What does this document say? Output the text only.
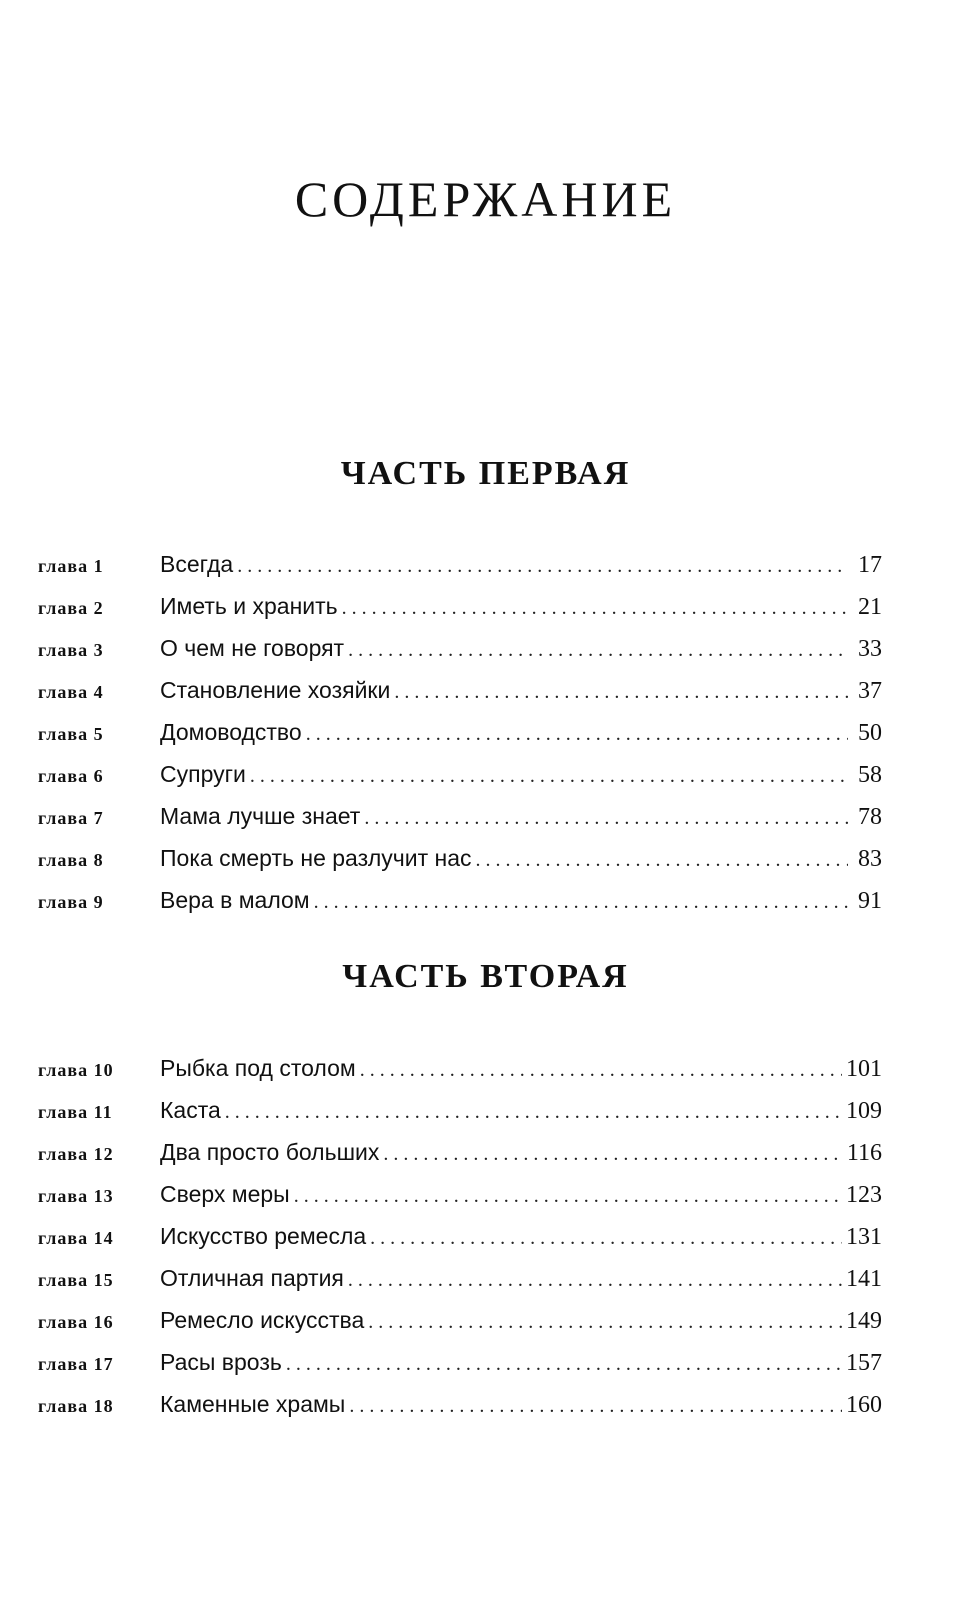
СОДЕРЖАНИЕ
ЧАСТЬ ПЕРВАЯ
глава 1	Всегда . . .	17
глава 2	Иметь и хранить . . .	21
глава 3	О чем не говорят . . .	33
глава 4	Становление хозяйки . . .	37
глава 5	Домоводство . . .	50
глава 6	Супруги . . .	58
глава 7	Мама лучше знает . . .	78
глава 8	Пока смерть не разлучит нас . . .	83
глава 9	Вера в малом . . .	91
ЧАСТЬ ВТОРАЯ
глава 10	Рыбка под столом . . .	101
глава 11	Каста . . .	109
глава 12	Два просто больших . . .	116
глава 13	Сверх меры . . .	123
глава 14	Искусство ремесла . . .	131
глава 15	Отличная партия . . .	141
глава 16	Ремесло искусства . . .	149
глава 17	Расы врозь . . .	157
глава 18	Каменные храмы . . .	160
